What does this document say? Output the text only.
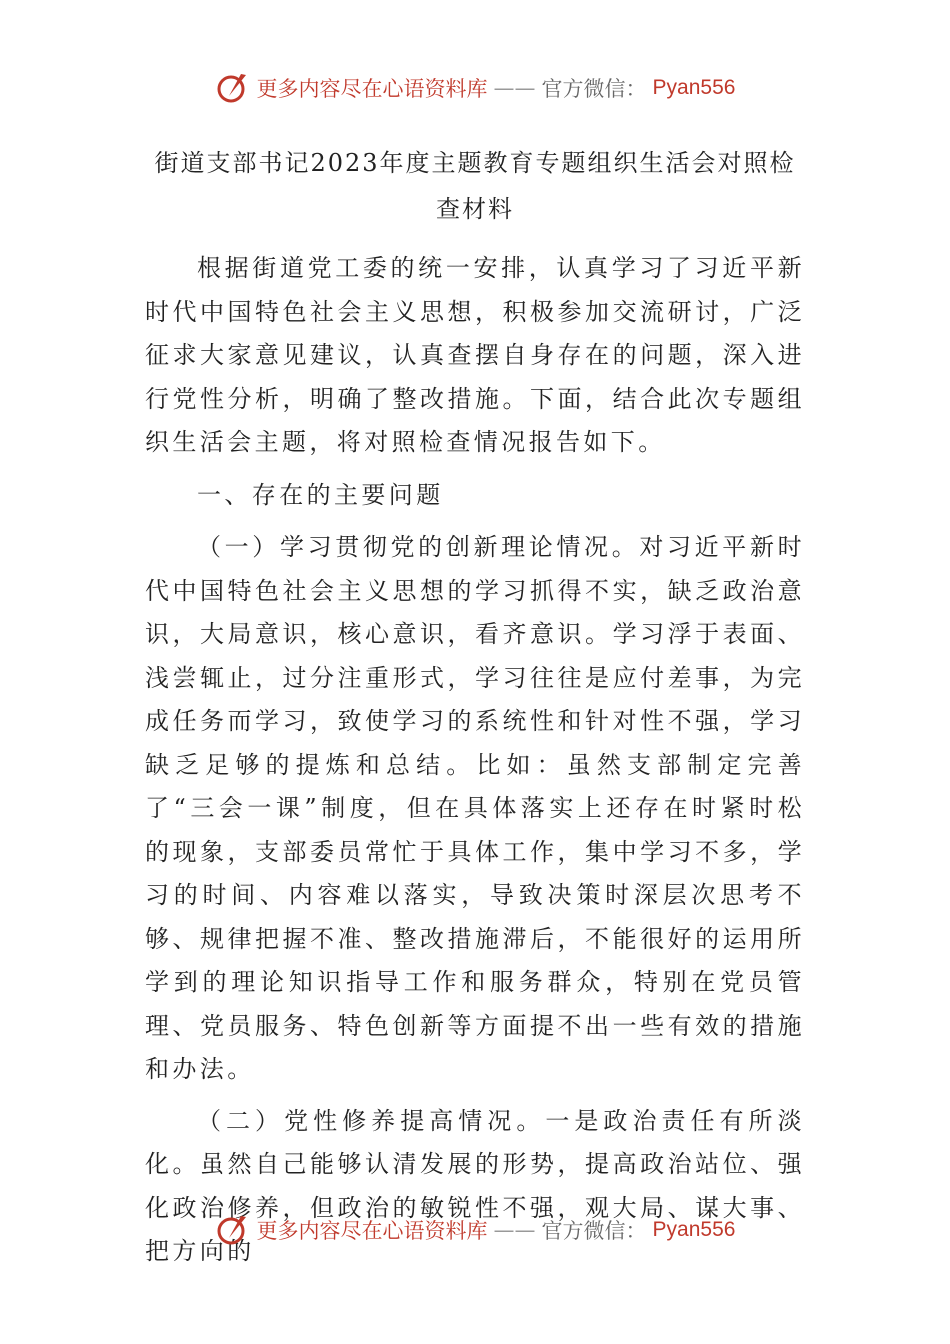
更多内容尽在心语资料库 —— 官方微信： Pyan556

街道支部书记2023年度主题教育专题组织生活会对照检查材料

根据街道党工委的统一安排，认真学习了习近平新时代中国特色社会主义思想，积极参加交流研讨，广泛征求大家意见建议，认真查摆自身存在的问题，深入进行党性分析，明确了整改措施。下面，结合此次专题组织生活会主题，将对照检查情况报告如下。

一、存在的主要问题

（一）学习贯彻党的创新理论情况。对习近平新时代中国特色社会主义思想的学习抓得不实，缺乏政治意识，大局意识，核心意识，看齐意识。学习浮于表面、浅尝辄止，过分注重形式，学习往往是应付差事，为完成任务而学习，致使学习的系统性和针对性不强，学习缺乏足够的提炼和总结。比如：虽然支部制定完善了“三会一课”制度，但在具体落实上还存在时紧时松的现象，支部委员常忙于具体工作，集中学习不多，学习的时间、内容难以落实，导致决策时深层次思考不够、规律把握不准、整改措施滞后，不能很好的运用所学到的理论知识指导工作和服务群众，特别在党员管理、党员服务、特色创新等方面提不出一些有效的措施和办法。

（二）党性修养提高情况。一是政治责任有所淡化。虽然自己能够认清发展的形势，提高政治站位、强化政治修养，但政治的敏锐性不强，观大局、谋大事、把方向的

更多内容尽在心语资料库 —— 官方微信： Pyan556
